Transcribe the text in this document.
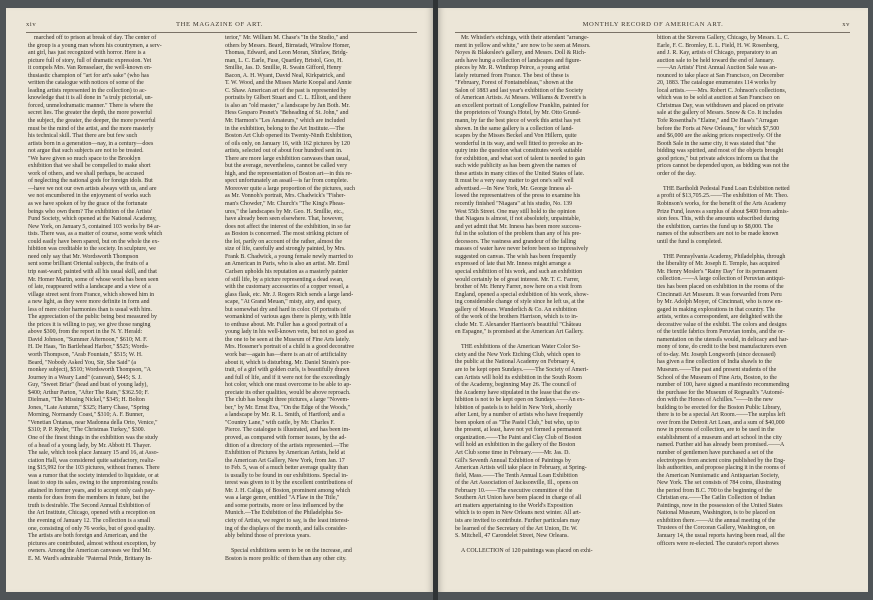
xiv	THE MAGAZINE OF ART.
marched off to prison at break of day. The center of
the group is a young man whom his countrymen, a serv-
ant girl, has just recognized with horror. Here is a
picture full of story, full of dramatic expression. Yet
it compels Mrs. Van Rensselaer, the well-known en-
thusiastic champion of "art for art's sake" (who has
written the catalogue with notices of some of the
leading artists represented in the collection) to ac-
knowledge that it is all done in "a truly pictorial, un-
forced, unmelodramatic manner." There is where the
secret lies. The greater the depth, the more powerful
the subject, the greater, the deeper, the more powerful
must be the mind of the artist, and the more masterly
his technical skill. That there are but few such
artists born in a generation—nay, in a century—does
not argue that such subjects are not to be treated.
"We have given so much space to the Brooklyn
exhibition that we shall be compelled to make short
work of others, and we shall perhaps, be accused
of neglecting the national gods for foreign idols. But
—have we not our own artists always with us, and are
we not encumbered in the enjoyment of works such
as we have spoken of by the grace of the fortunate
beings who own them? The exhibition of the Artists'
Fund Society, which opened at the National Academy,
New York, on January 5, contained 103 works by 84 ar-
tists. There was, as a matter of course, some work which
could easily have been spared, but on the whole the ex-
hibition was creditable to the society. In sculpture, we
need only say that Mr. Wordsworth Thompson
sent some brilliant Oriental subjects, the fruits of a
trip east-ward; painted with all his usual skill, and that
Mr. Homer Martin, some of whose work has been seen
of late, reappeared with a landscape and a view of a
village street sent from France, which showed him in
a new light, as they were more definite in form and
less of mere color harmonies than is usual with him.
The appreciation of the public being best measured by
the prices it is willing to pay, we give those ranging
above $300, from the report in the N. Y. Herald:
David Johnson, "Summer Afternoon," $610; M. F.
H. De Haas, "In Bartlehead Harbor," $525; Words-
worth Thompson, "Arab Fountain," $515; W. H.
Beard, "Nobody Asked You, Sir, She Said" (a
monkey subject), $510; Wordsworth Thompson, "A
Journey in a Weary Land" (caravan), $445; S. J.
Guy, "Sweet Briar" (head and bust of young lady),
$400; Arthur Parton, "After The Rain," $362.50; F.
Dielman, "The Missing Nickel," $345; H. Bolton
Jones, "Late Autumn," $325; Harry Chase, "Spring
Morning, Normandy Coast," $310; A. F. Bunner,
"Venetian Üntanas, near Madonna della Orto, Venice,"
$310; P. P. Ryder, "The Christmas Turkey," $300.
One of the finest things in the exhibition was the study
of a head of a young lady, by Mr. Abbott H. Thayer.
The sale, which took place January 15 and 16, at Asso-
ciation Hall, was considered quite satisfactory, realiz-
ing $15,992 for the 103 pictures, without frames. There
was a rumor that the society intended to liquidate, or at
least to stop its sales, owing to the unpromising results
attained in former years, and to accept only cash pay-
ments for dues from the members in future, but the
truth is desirable. The Second Annual Exhibition of
the Art Institute, Chicago, opened with a reception on
the evening of January 12. The collection is a small
one, consisting of only 76 works, but of good quality.
The artists are both foreign and American, and the
pictures are contributed, almost without exception, by
owners. Among the American canvases we find Mr.
E. M. Ward's admirable "Paternal Pride, Brittany In-
terior," Mr. William M. Chase's "In the Studio," and
others by Messrs. Beard, Birnstadt, Winslow Homer,
Thomas, Edward, and Leon Moran, Shirlaw, Bridg-
man, L. C. Earle, Fuse, Quartley, Bristol, Goo, H.
Smillie, Jas. D. Smillie, R. Swain Gifford, Henry
Bacon, A. H. Wyant, David Neal, Kirkpatrick, and
T. W. Wood, and the Misses Marie Koopal and Annie
C. Shaw. American art of the past is represented by
portraits by Gilbert Stuart and C. L. Elliott, and there
is also an "old master," a landscape by Jan Both. Mr.
Hess Gesparo Pesnet's "Beheading of St. John," and
Mr. Harmon's "Les Amateurs," which are included
in the exhibition, belong to the Art Institute.—The
Boston Art Club opened its Twenty-Ninth Exhibition,
of oils only, on January 16, with 162 pictures by 120
artists, selected out of about four hundred sent in.
There are more large exhibition canvases than usual,
but the average, nevertheless, cannot be called very
high, and the representation of Boston art—in this re-
spect unfortunately an assail—is far from complete.
Moreover quite a large proportion of the pictures, such
as Mr. Vonnoh's portrait, Mrs. Chadwick's "Fisher-
man's Chowder," Mr. Church's "The King's Pheas-
ures," the landscapes by Mr. Geo. H. Smillie, etc.,
have already been seen elsewhere. That, however,
does not affect the interest of the exhibition, in so far
as Boston is concerned. The most striking picture of
the lot, partly on account of the rather, almost the
size of life, carefully and strongly painted, by Mrs.
Frank B. Chadwick, a young female newly married to
an American in Paris, who is also an artist. Mr. Emil
Carlsen upholds his reputation as a masterly painter
of still life, by a picture representing a dead swan,
with the customary accessories of a copper vessel, a
glass flask, etc. Mr. J. Rogers Rich sends a large land-
scape, "At Grand Meuan," misty, airy, and spacy,
but somewhat dry and hard in color. Of portraits of
womankind of various ages there is plenty, with little
to enthuse about. Mr. Fuller has a good portrait of a
young lady in his well-known vein, but not so good as
the one to be seen at the Museum of Fine Arts lately.
Mrs. Hossmer's portrait of a child is a good decorative
work bar—again has—there is an air of artificiality
about it, which is disturbing. Mr. Daniel Strain's por-
trait, of a girl with golden curls, is beautifully drawn
and full of life, and if it were not for the exceedingly
hot color, which one must overcome to be able to ap-
preciate its other qualities, would be above reproach.
The club has bought three pictures, a large "Novem-
ber," by Mr. Ernst Eva, "On the Edge of the Woods,"
a landscape by Mr. R. L. Smith, of Hartford; and a
"Country Lane," with cattle, by Mr. Charles F.
Pierce. The catalogue is illustrated, and has been im-
proved, as compared with former issues, by the ad-
dition of a directory of the artists represented.—The
Exhibition of Pictures by American Artists, held at
the American Art Gallery, New York, from Jan. 17
to Feb. 5, was of a much better average quality than
is usually to be found in our exhibitions. Special in-
terest was given to it by the excellent contributions of
Mr. J. H. Caliga, of Boston, prominent among which
was a large genre, entitled "A Flaw in the Title,"
and some portraits, more or less influenced by the
Munich.—The Exhibition of the Philadelphia So-
ciety of Artists, we regret to say, is the least interest-
ing of the displays of the month, and falls consider-
ably behind those of previous years.
Special exhibitions seem to be on the increase, and
Boston is more prolific of them than any other city.
MONTHLY RECORD OF AMERICAN ART.	xv
Mr. Whistler's etchings, with their attendant "arrange-
ment in yellow and white," are now to be seen at Messrs.
Noyes & Blakeslee's gallery, and Messrs. Doll & Rich-
ards have hung a collection of landscapes and figure-
pieces by Mr. R. Winthrop Peirce, a young artist
lately returned from France. The best of these is
"February, Forest of Fontainebleau," shown at the
Salon of 1883 and last year's exhibition of the Society
of American Artists. At Messrs. Williams & Everett's is
an excellent portrait of Longfellow Franklin, painted for
the proprietors of Young's Hotel, by Mr. Otto Grund-
mann, by far the best piece of work this artist has yet
shown. In the same gallery is a collection of land-
scapes by the Misses Beckel and Von Hillern, quite
wonderful in its way, and well fitted to provoke an in-
quiry into the question what constitutes work suitable
for exhibition, and what sort of talent is needed to gain
such wide publicity as has been given the names of
these artists in many cities of the United States of late.
It must be a very easy matter to get one's self well
advertised.—In New York, Mr. George Inness al-
lowed the representatives of the press to examine his
recently finished "Niagara" at his studio, No. 139
West 55th Street. One may still hold to the opinion
that Niagara is almost, if not absolutely, unpaintable,
and yet admit that Mr. Inness has been more success-
ful in the solution of the problem than any of his pre-
decessors. The vastness and grandeur of the falling
masses of water have never before been so impressively
suggested on canvas. The wish has been frequently
expressed of late that Mr. Inness might arrange a
special exhibition of his work, and such an exhibition
would certainly be of great interest. Mr. T. C. Farrer,
brother of Mr. Henry Farrer, now here on a visit from
England, opened a special exhibition of his work, show-
ing considerable change of style since he left us, at the
gallery of Messrs. Wunderlich & Co. An exhibition
of the work of the brothers Harrison, which is to in-
clude Mr. T. Alexander Harrison's beautiful "Château
en Espagne," is promised at the American Art Gallery.
THE exhibitions of the American Water Color So-
ciety and the New York Etching Club, which open to
the public at the National Academy on February 4,
are to be kept open Sundays.——The Society of Ameri-
can Artists will hold its exhibition in the South Room
of the Academy, beginning May 26. The council of
the Academy have stipulated in the lease that the ex-
hibition is not to be kept open on Sundays.——An ex-
hibition of pastels is to held in New York, shortly
after Lent, by a number of artists who have frequently
been spoken of as "The Pastel Club," but who, up to
the present, at least, have not yet formed a permanent
organization.——The Paint and Clay Club of Boston
will hold an exhibition in the gallery of the Boston
Art Club some time in February.——Mr. Jas. D.
Gill's Seventh Annual Exhibition of Paintings by
American Artists will take place in February, at Spring-
field, Mass.——The Tenth Annual Loan Exhibition
of the Art Association of Jacksonville, Ill., opens on
February 10.——The executive committee of the
Southern Art Union have been placed in charge of all
art matters appertaining to the World's Exposition
which is to open in New Orleans next winter. All art-
ists are invited to contribute. Further particulars may
be learned of the Secretary of the Art Union, Dr. W.
S. Mitchell, 47 Carondelet Street, New Orleans.
A COLLECTION of 120 paintings was placed on exhi-
bition at the Stevens Gallery, Chicago, by Messrs. L. C.
Earle, F. C. Bromley, E. L. Field, H. W. Rosenberg,
and J. R. Kay, artists of Chicago, preparatory to an
auction sale to be held toward the end of January.
——An Artists' First Annual Auction Sale was an-
nounced to take place at San Francisco, on December
20, 1883. The catalogue enumerates 114 works by
local artists.——Mrs. Robert C. Johnson's collections,
which was to be sold at auction at San Francisco on
Christmas Day, was withdrawn and placed on private
sale at the gallery of Messrs. Snow & Co. It includes
Tofe Rosenthal's "Elaine," and De Haas's "Arragan
before the Forts at New Orleans," for which $7,500
and $6,000 are the asking prices respectively. Of the
Booth Sale in the same city, it was stated that "the
bidding was spirited, and most of the objects brought
good prices," but private advices inform us that the
prices cannot be depended upon, as bidding was not the
order of the day.
THE Bartholdi Pedestal Fund Loan Exhibition netted
a profit of $13,705.25.——The exhibition of Mr. Theo.
Robinson's works, for the benefit of the Arts Academy
Prize Fund, leaves a surplus of about $400 from admis-
sion fees. This, with the amounts subscribed during
the exhibition, carries the fund up to $8,000. The
names of the subscribers are not to be made known
until the fund is completed.
THE Pennsylvania Academy, Philadelphia, through
the liberality of Mr. Joseph E. Temple, has acquired
Mr. Henry Mosler's "Rainy Day" for its permanent
collection.——A large collection of Peruvian antiqui-
ties has been placed on exhibition in the rooms of the
Cincinnati Art Museum. It was forwarded from Peru
by Mr. Adolph Moyer, of Cincinnati, who is now en-
gaged in making explorations in that country. The
artists, writes a correspondent, are delighted with the
decorative value of the exhibit. The colors and designs
of the textile fabrics from Peruvian tombs, and the or-
namentation on the utensils would, in delicacy and har-
mony of tone, do credit to the best manufacturers even
of to-day. Mr. Joseph Longworth (since deceased)
has given a fine collection of India shawls to the
Museum.——The past and present students of the
School of the Museum of Fine Arts, Boston, to the
number of 100, have signed a manifesto recommending
the purchase for the Museum of Regnault's "Automé-
don with the Horses of Achilles."——In the new
building to be erected for the Boston Public Library,
there is to be a special Art Room.——The surplus left
over from the Detroit Art Loan, and a sum of $40,000
now in process of collection, are to be used in the
establishment of a museum and art school in the city
named. Further aid has already been promised.——A
number of gentlemen have purchased a set of the
electrotypes from ancient coins published by the Eng-
lish authorities, and propose placing it in the rooms of
the American Numismatic and Antiquarian Society,
New York. The set consists of 784 coins, illustrating
the period from B.C. 700 to the beginning of the
Christian era.——The Catlin Collection of Indian
Paintings, now in the possession of the United States
National Museum, Washington, is to be placed on
exhibition there.——At the annual meeting of the
Trustees of the Corcoran Gallery, Washington, on
January 14, the usual reports having been read, all the
officers were re-elected. The curator's report shows
